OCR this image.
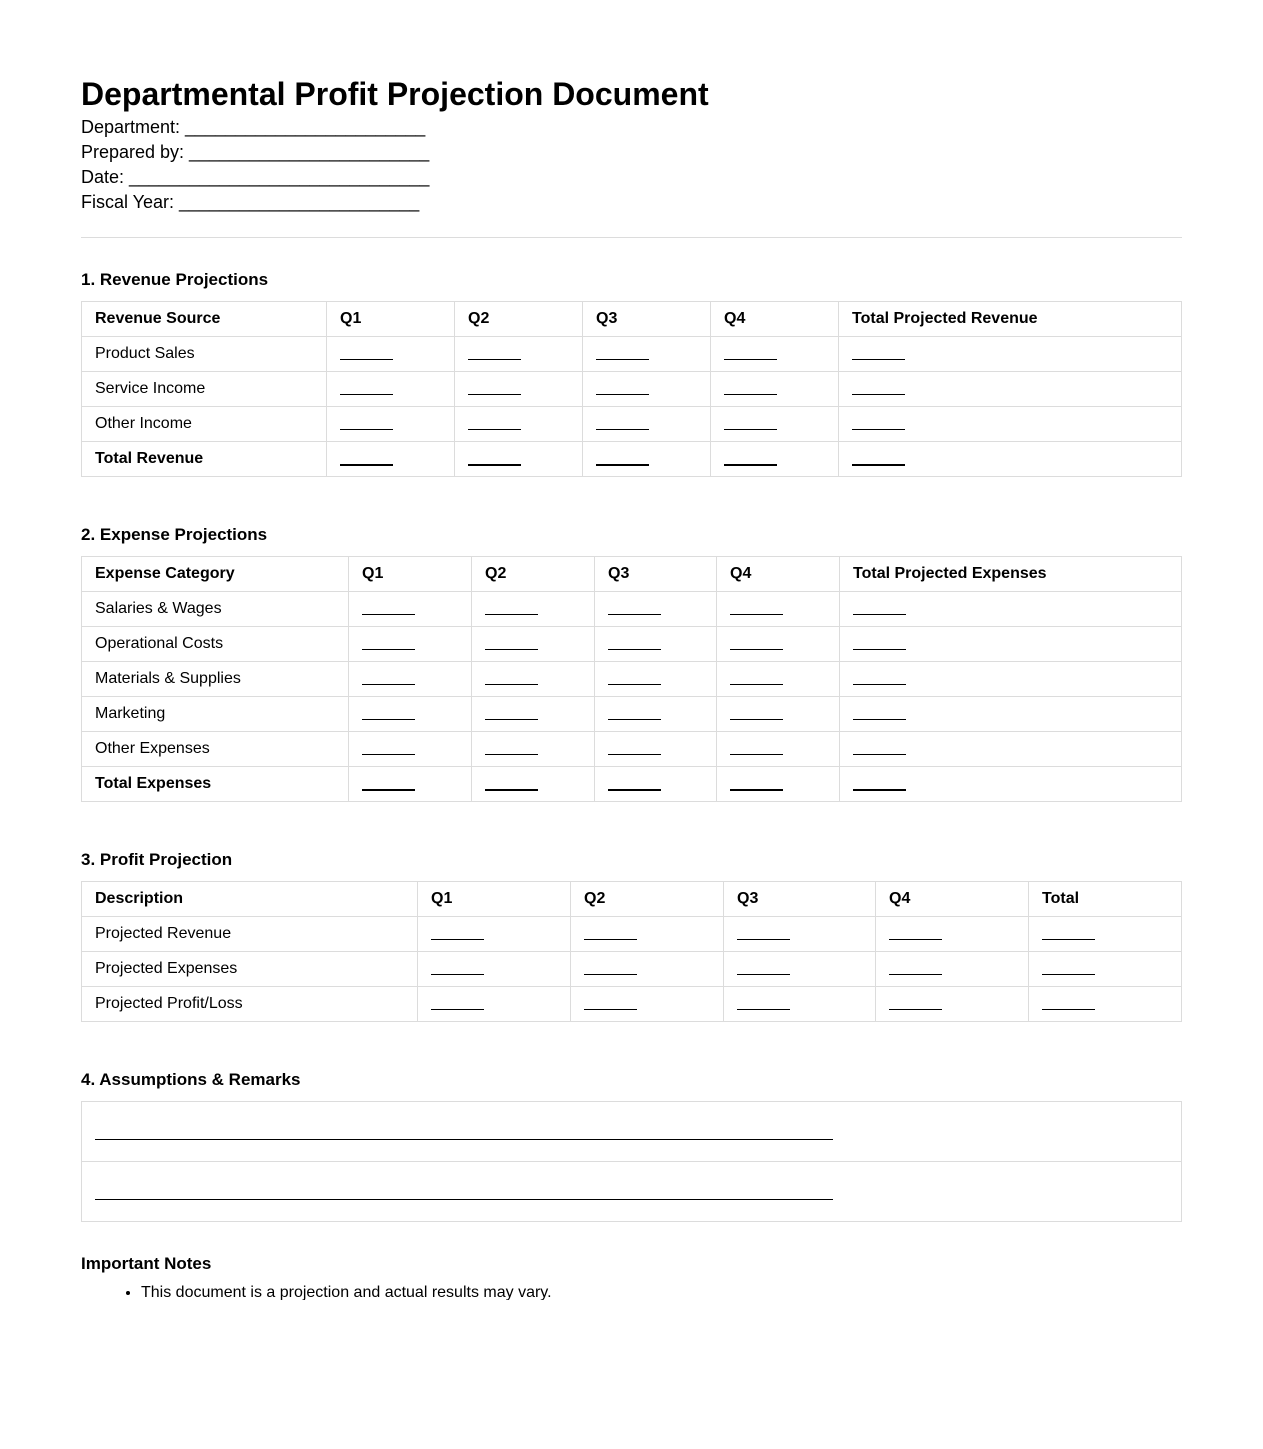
Departmental Profit Projection Document
Department: ________________________
Prepared by: ________________________
Date: ______________________________
Fiscal Year: ________________________
1. Revenue Projections
Revenue Source	Q1	Q2	Q3	Q4	Total Projected Revenue
Product Sales					
Service Income					
Other Income					
Total Revenue					
2. Expense Projections
Expense Category	Q1	Q2	Q3	Q4	Total Projected Expenses
Salaries & Wages					
Operational Costs					
Materials & Supplies					
Marketing					
Other Expenses					
Total Expenses					
3. Profit Projection
Description	Q1	Q2	Q3	Q4	Total
Projected Revenue					
Projected Expenses					
Projected Profit/Loss					
4. Assumptions & Remarks

Important Notes
• This document is a projection and actual results may vary.
